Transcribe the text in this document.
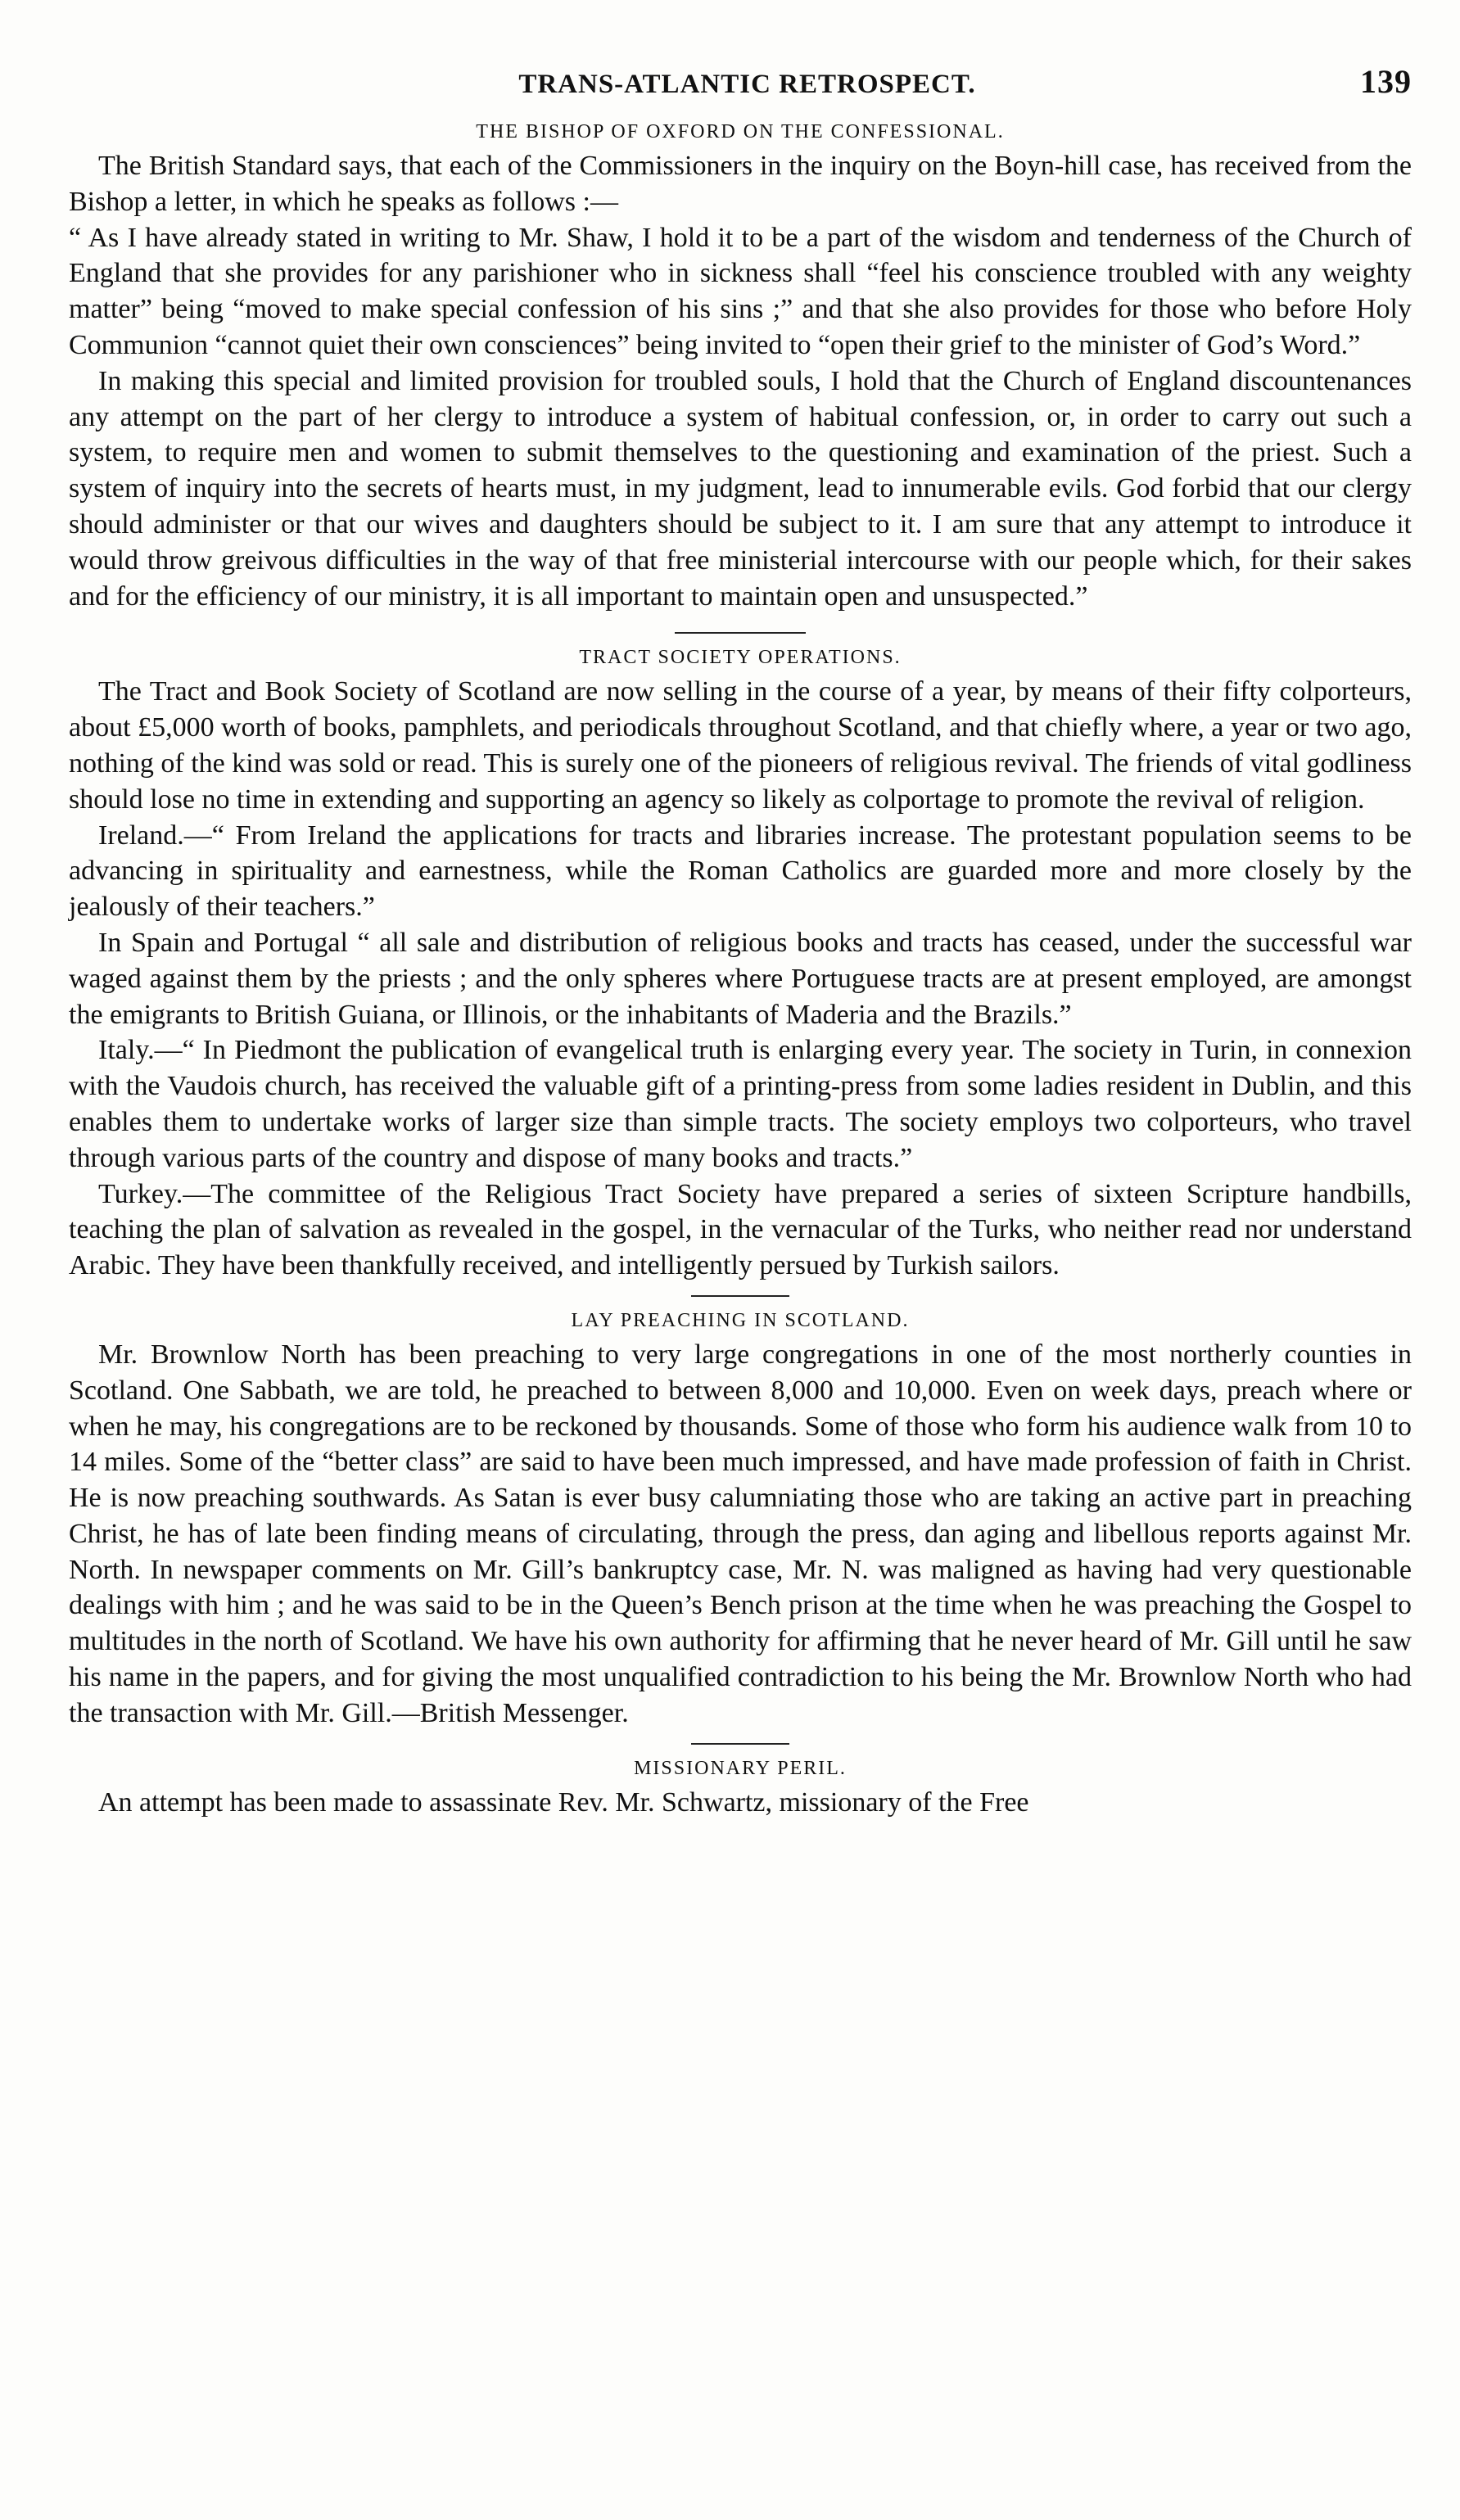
TRANS-ATLANTIC RETROSPECT.	139
THE BISHOP OF OXFORD ON THE CONFESSIONAL.

The British Standard says, that each of the Commissioners in the inquiry on the Boyn-hill case, has received from the Bishop a letter, in which he speaks as follows :—

“ As I have already stated in writing to Mr. Shaw, I hold it to be a part of the wisdom and tenderness of the Church of England that she provides for any parishioner who in sickness shall “feel his conscience troubled with any weighty matter” being “moved to make special confession of his sins ;” and that she also provides for those who before Holy Communion “cannot quiet their own consciences” being invited to “open their grief to the minister of God’s Word.”

In making this special and limited provision for troubled souls, I hold that the Church of England discountenances any attempt on the part of her clergy to introduce a system of habitual confession, or, in order to carry out such a system, to require men and women to submit themselves to the questioning and examination of the priest. Such a system of inquiry into the secrets of hearts must, in my judgment, lead to innumerable evils. God forbid that our clergy should administer or that our wives and daughters should be subject to it. I am sure that any attempt to introduce it would throw greivous difficulties in the way of that free ministerial intercourse with our people which, for their sakes and for the efficiency of our ministry, it is all important to maintain open and unsuspected.”

TRACT SOCIETY OPERATIONS.

The Tract and Book Society of Scotland are now selling in the course of a year, by means of their fifty colporteurs, about £5,000 worth of books, pamphlets, and periodicals throughout Scotland, and that chiefly where, a year or two ago, nothing of the kind was sold or read. This is surely one of the pioneers of religious revival. The friends of vital godliness should lose no time in extending and supporting an agency so likely as colportage to promote the revival of religion.

Ireland.—“ From Ireland the applications for tracts and libraries increase. The protestant population seems to be advancing in spirituality and earnestness, while the Roman Catholics are guarded more and more closely by the jealously of their teachers.”

In Spain and Portugal “ all sale and distribution of religious books and tracts has ceased, under the successful war waged against them by the priests ; and the only spheres where Portuguese tracts are at present employed, are amongst the emigrants to British Guiana, or Illinois, or the inhabitants of Maderia and the Brazils.”

Italy.—“ In Piedmont the publication of evangelical truth is enlarging every year. The society in Turin, in connexion with the Vaudois church, has received the valuable gift of a printing-press from some ladies resident in Dublin, and this enables them to undertake works of larger size than simple tracts. The society employs two colporteurs, who travel through various parts of the country and dispose of many books and tracts.”

Turkey.—The committee of the Religious Tract Society have prepared a series of sixteen Scripture handbills, teaching the plan of salvation as revealed in the gospel, in the vernacular of the Turks, who neither read nor understand Arabic. They have been thankfully received, and intelligently persued by Turkish sailors.

LAY PREACHING IN SCOTLAND.

Mr. Brownlow North has been preaching to very large congregations in one of the most northerly counties in Scotland. One Sabbath, we are told, he preached to between 8,000 and 10,000. Even on week days, preach where or when he may, his congregations are to be reckoned by thousands. Some of those who form his audience walk from 10 to 14 miles. Some of the “better class” are said to have been much impressed, and have made profession of faith in Christ. He is now preaching southwards. As Satan is ever busy calumniating those who are taking an active part in preaching Christ, he has of late been finding means of circulating, through the press, dan aging and libellous reports against Mr. North. In newspaper comments on Mr. Gill’s bankruptcy case, Mr. N. was maligned as having had very questionable dealings with him ; and he was said to be in the Queen’s Bench prison at the time when he was preaching the Gospel to multitudes in the north of Scotland. We have his own authority for affirming that he never heard of Mr. Gill until he saw his name in the papers, and for giving the most unqualified contradiction to his being the Mr. Brownlow North who had the transaction with Mr. Gill.—British Messenger.

MISSIONARY PERIL.

An attempt has been made to assassinate Rev. Mr. Schwartz, missionary of the Free
